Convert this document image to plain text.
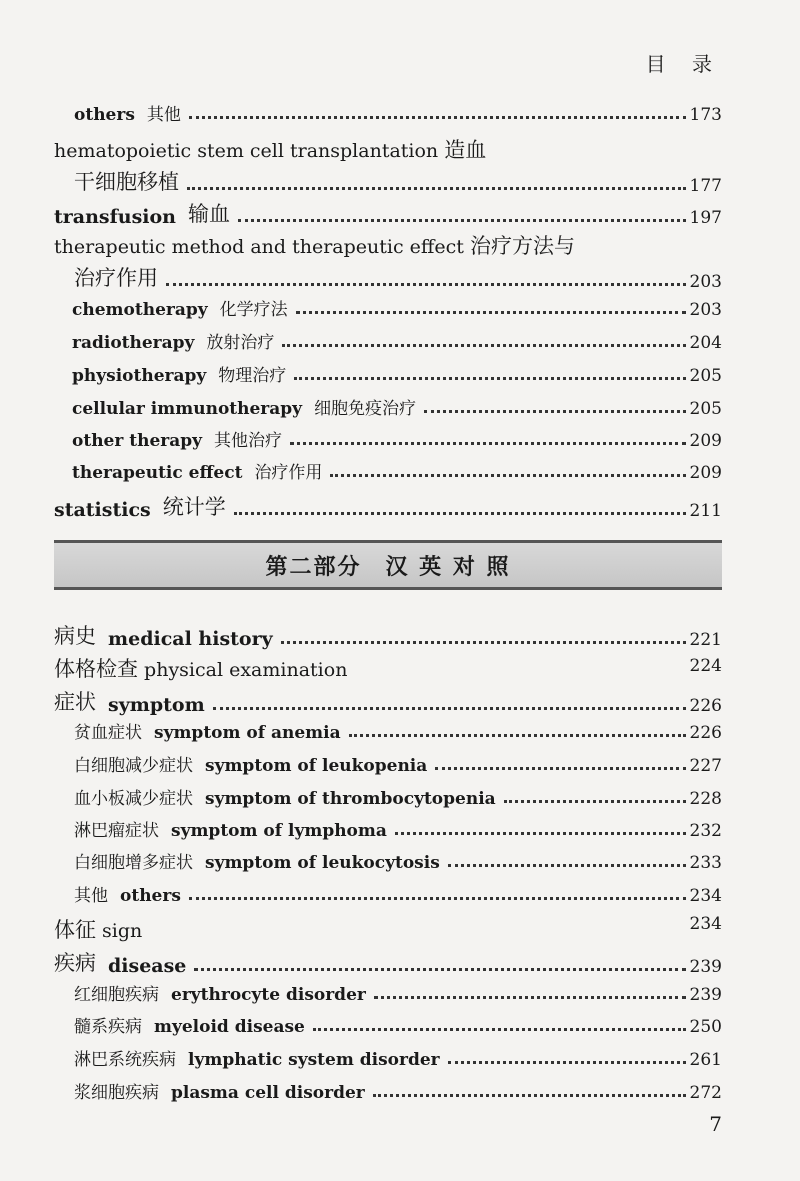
目 录
others 其他	173
hematopoietic stem cell transplantation 造血
干细胞移植	177
transfusion 输血	197
therapeutic method and therapeutic effect 治疗方法与
治疗作用	203
chemotherapy 化学疗法	203
radiotherapy 放射治疗	204
physiotherapy 物理治疗	205
cellular immunotherapy 细胞免疫治疗	205
other therapy 其他治疗	209
therapeutic effect 治疗作用	209
statistics 统计学	211
第二部分　汉 英 对 照
病史 medical history	221
体格检查 physical examination	224
症状 symptom	226
贫血症状 symptom of anemia	226
白细胞减少症状 symptom of leukopenia	227
血小板减少症状 symptom of thrombocytopenia	228
淋巴瘤症状 symptom of lymphoma	232
白细胞增多症状 symptom of leukocytosis	233
其他 others	234
体征 sign	234
疾病 disease	239
红细胞疾病 erythrocyte disorder	239
髓系疾病 myeloid disease	250
淋巴系统疾病 lymphatic system disorder	261
浆细胞疾病 plasma cell disorder	272
7
